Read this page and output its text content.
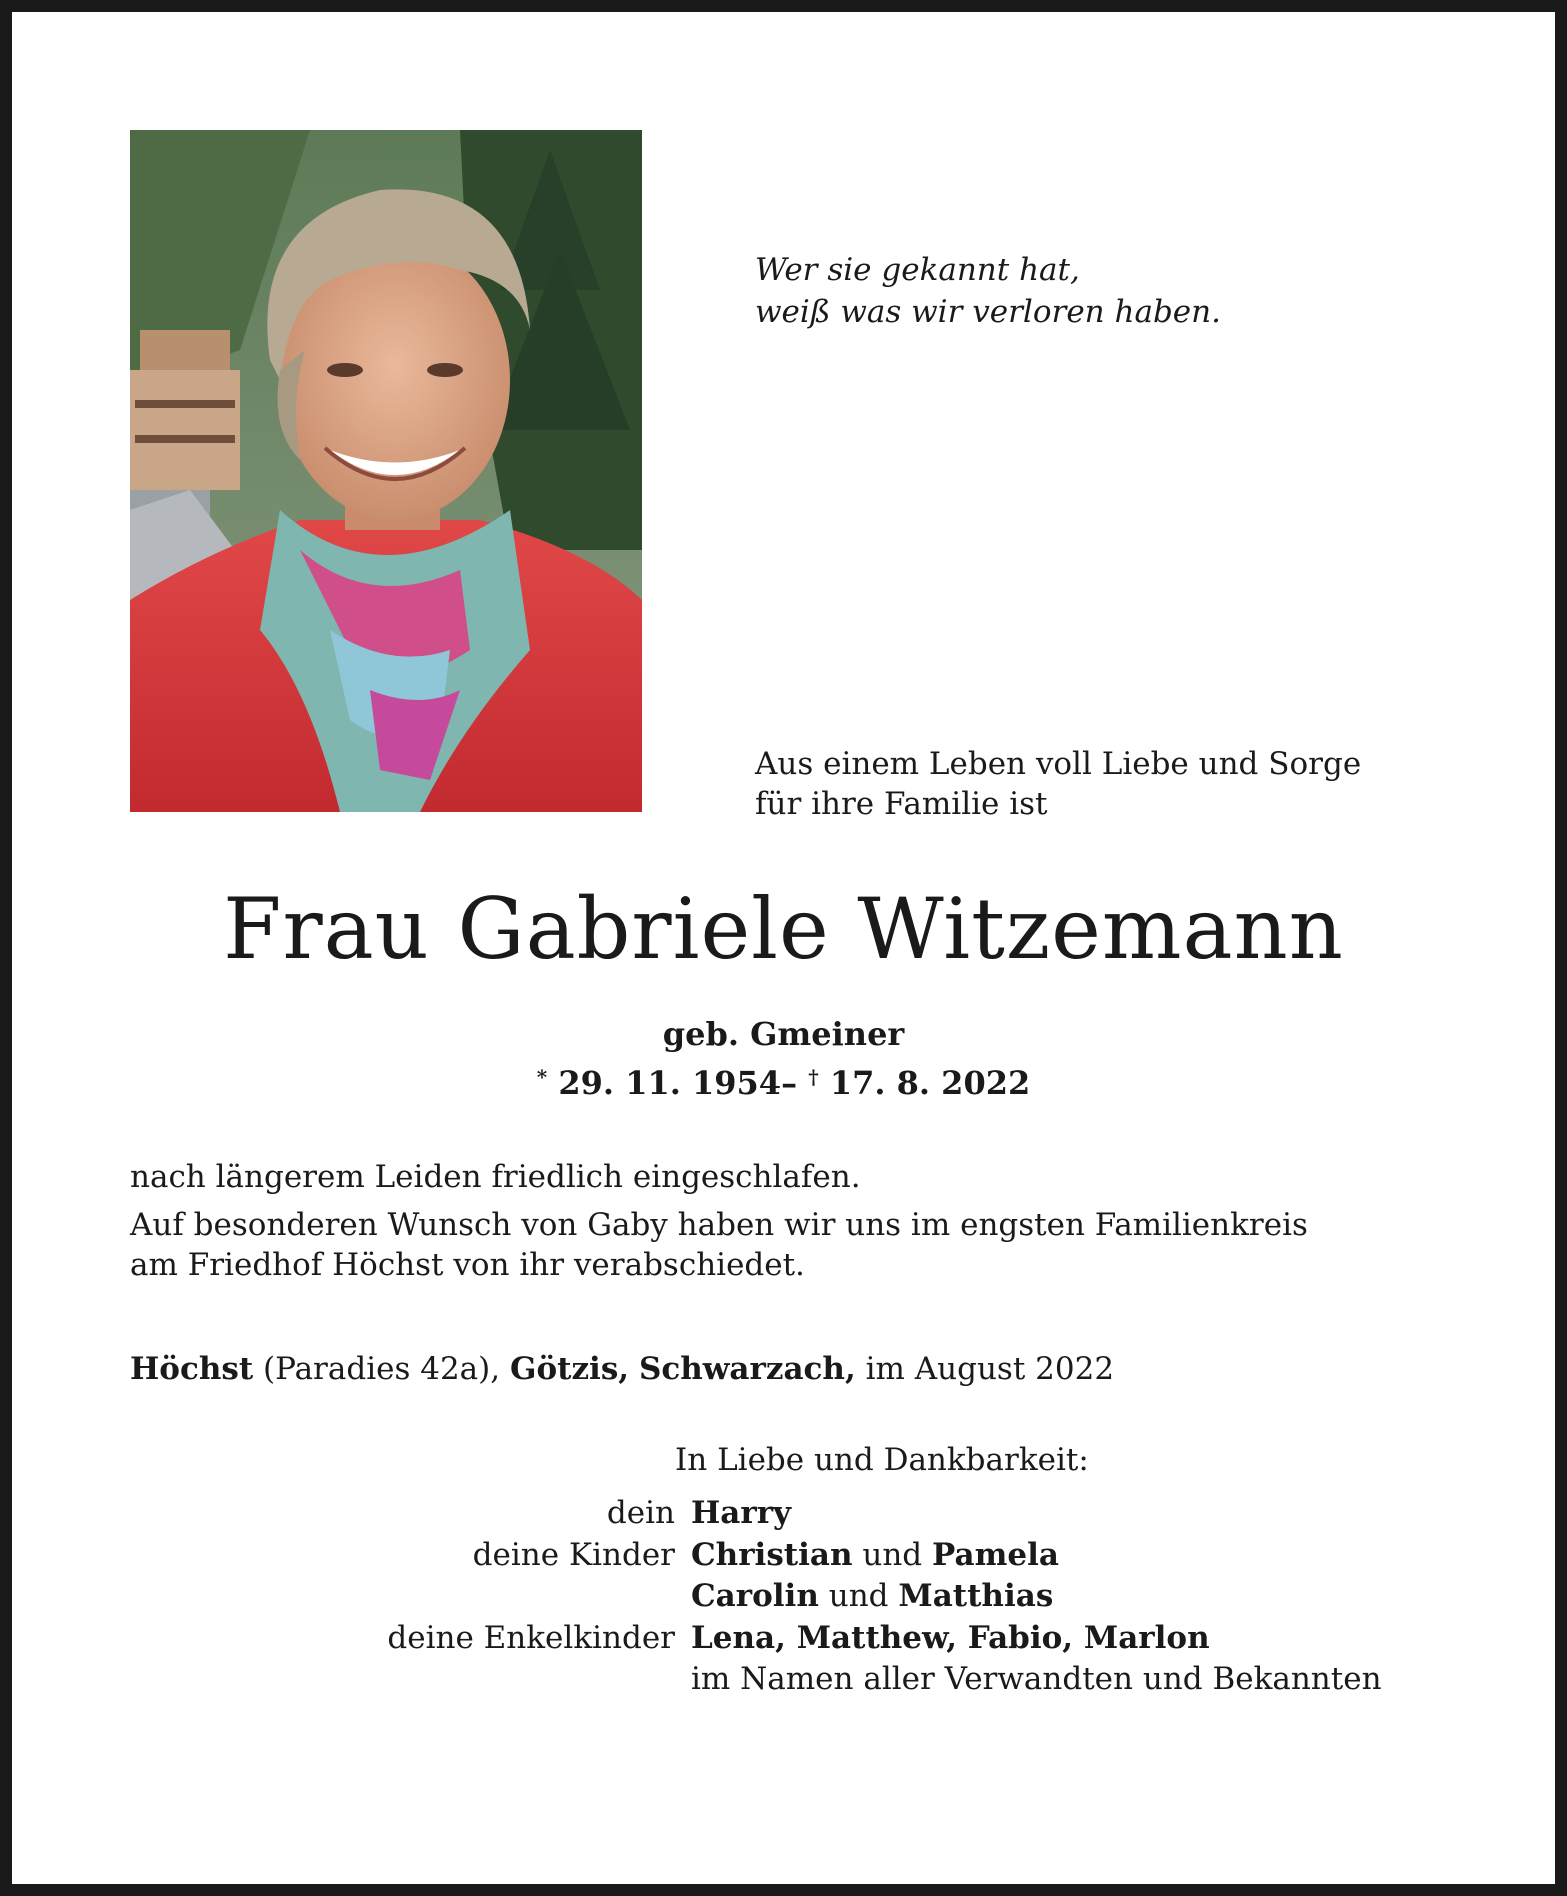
Wer sie gekannt hat,
weiß was wir verloren haben.
Aus einem Leben voll Liebe und Sorge
für ihre Familie ist
Frau Gabriele Witzemann
geb. Gmeiner
* 29. 11. 1954– † 17. 8. 2022
nach längerem Leiden friedlich eingeschlafen.
Auf besonderen Wunsch von Gaby haben wir uns im engsten Familienkreis
am Friedhof Höchst von ihr verabschiedet.
Höchst (Paradies 42a), Götzis, Schwarzach, im August 2022
In Liebe und Dankbarkeit:
dein Harry
deine Kinder Christian und Pamela
Carolin und Matthias
deine Enkelkinder Lena, Matthew, Fabio, Marlon
im Namen aller Verwandten und Bekannten
